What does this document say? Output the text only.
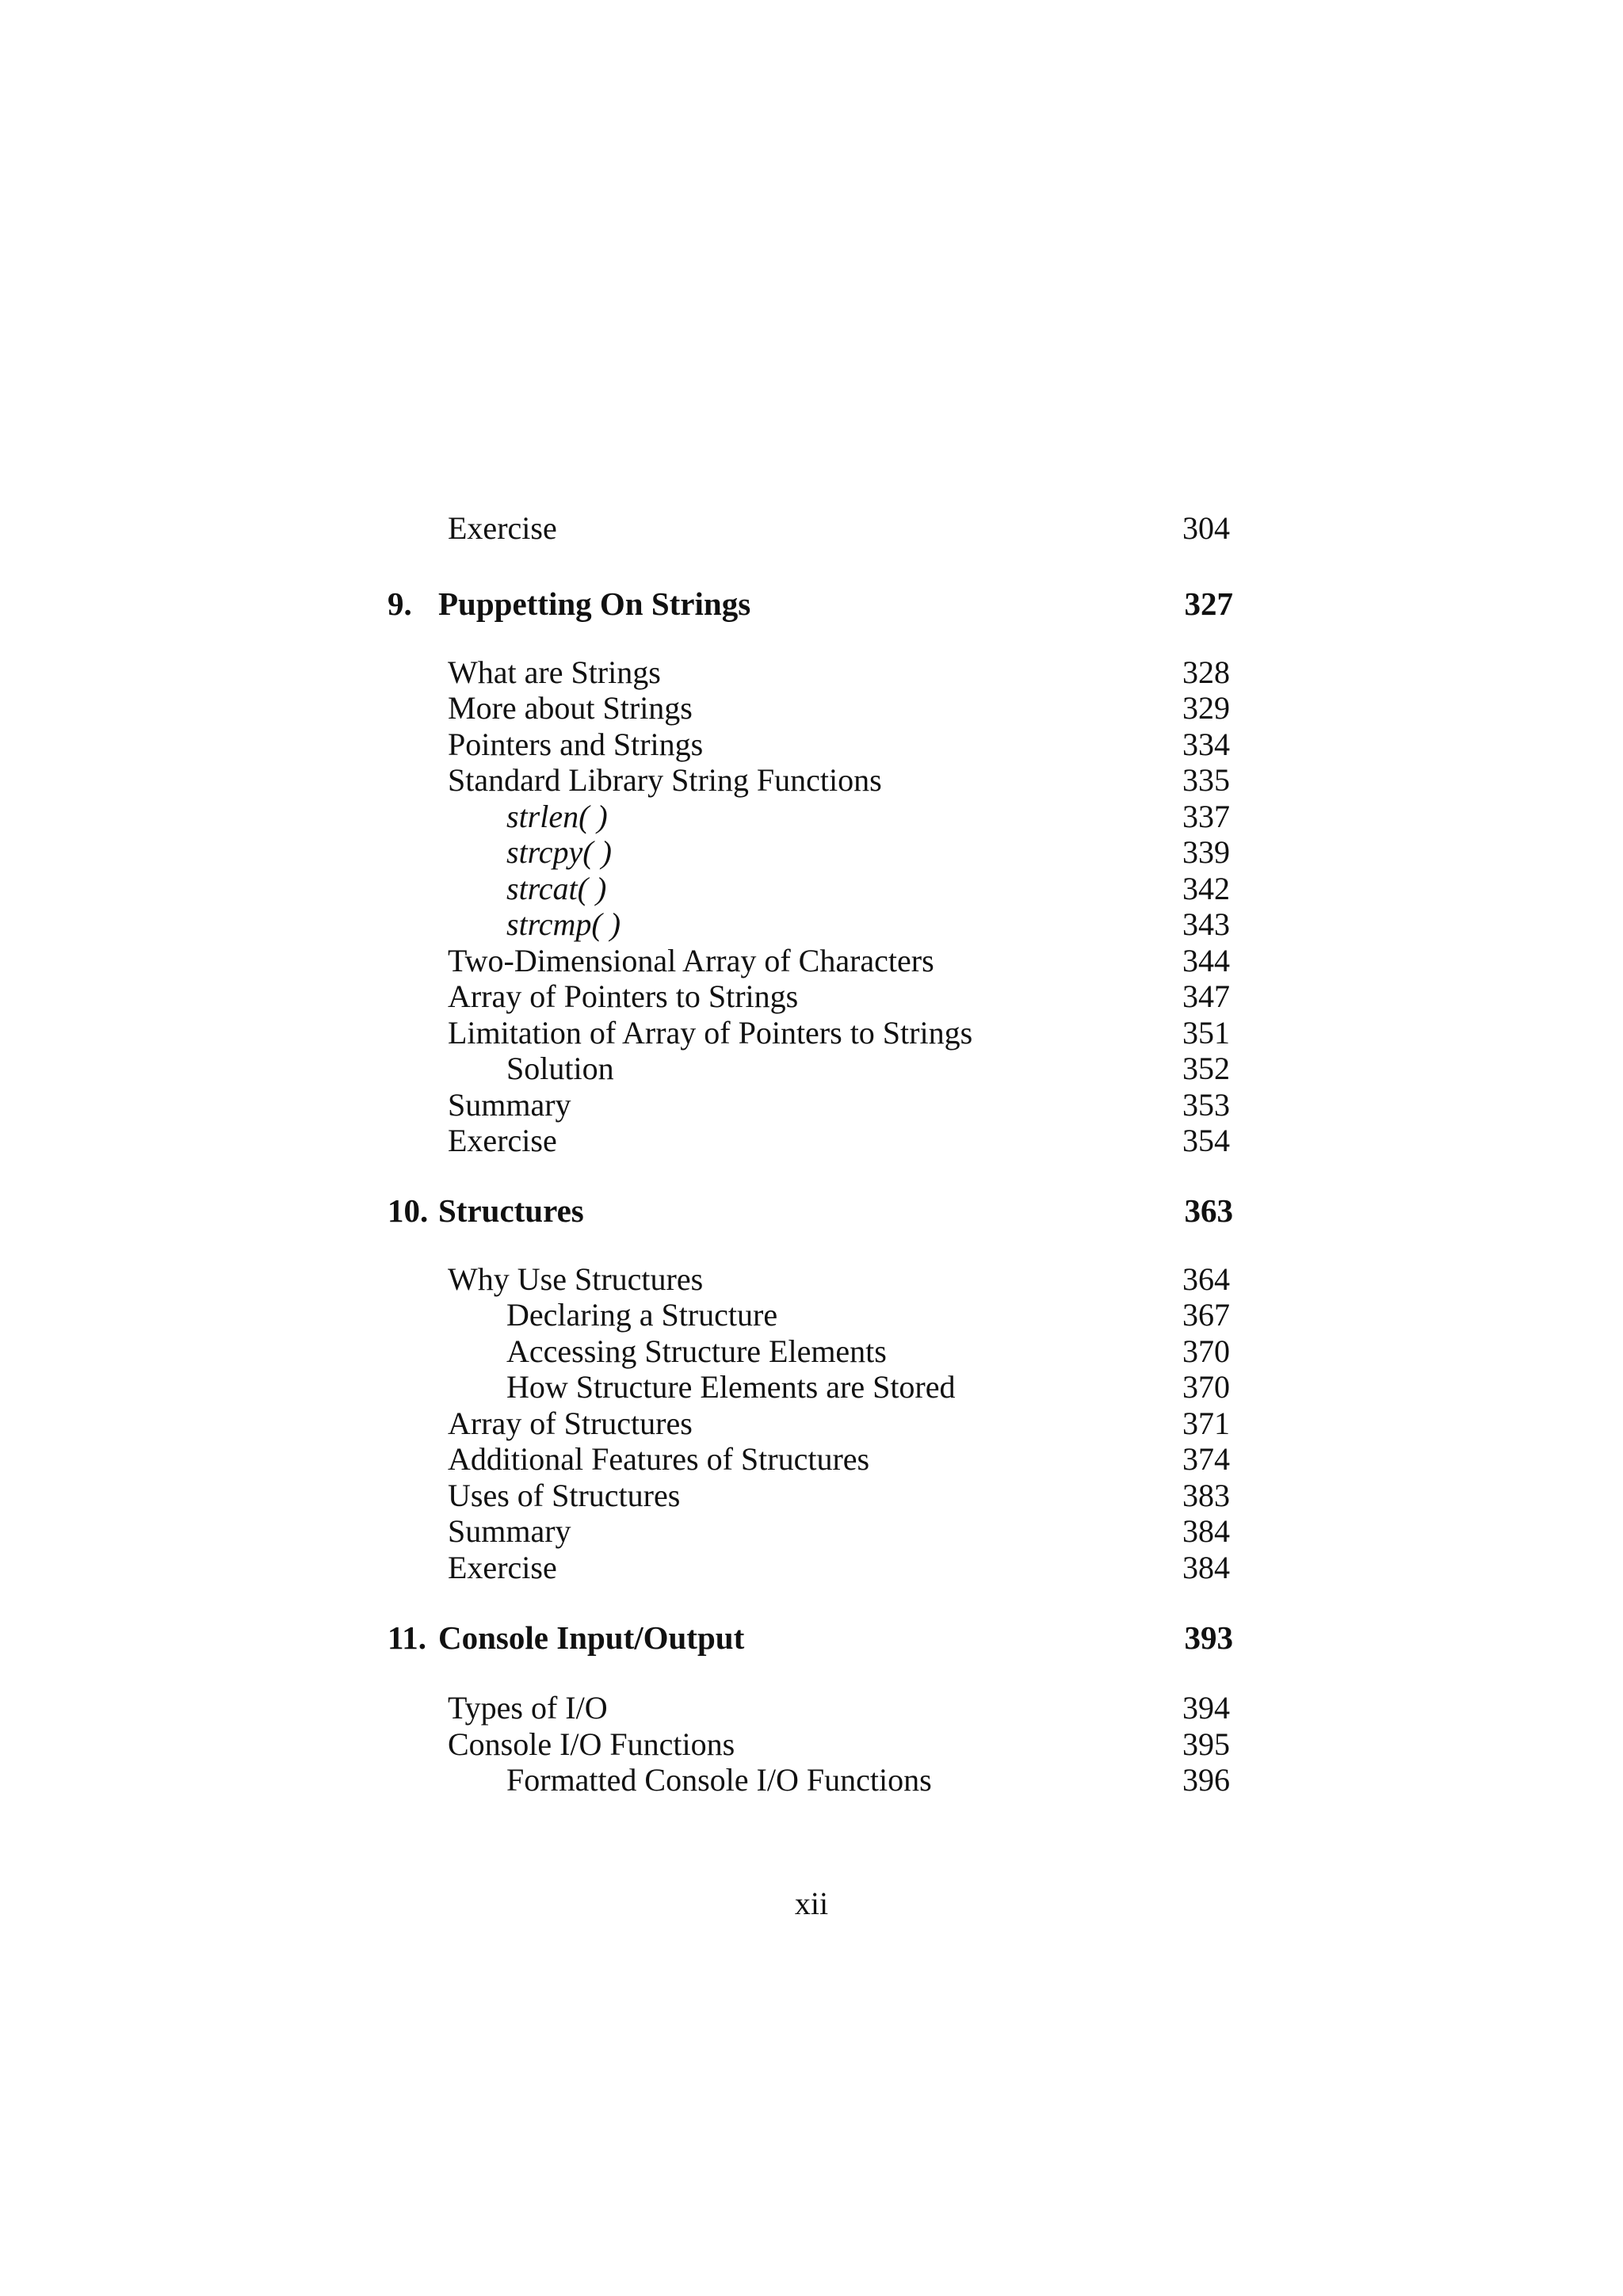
Exercise	304
9. Puppetting On Strings	327
What are Strings	328
More about Strings	329
Pointers and Strings	334
Standard Library String Functions	335
strlen( )	337
strcpy( )	339
strcat( )	342
strcmp( )	343
Two-Dimensional Array of Characters	344
Array of Pointers to Strings	347
Limitation of Array of Pointers to Strings	351
Solution	352
Summary	353
Exercise	354
10. Structures	363
Why Use Structures	364
Declaring a Structure	367
Accessing Structure Elements	370
How Structure Elements are Stored	370
Array of Structures	371
Additional Features of Structures	374
Uses of Structures	383
Summary	384
Exercise	384
11. Console Input/Output	393
Types of I/O	394
Console I/O Functions	395
Formatted Console I/O Functions	396
xii
